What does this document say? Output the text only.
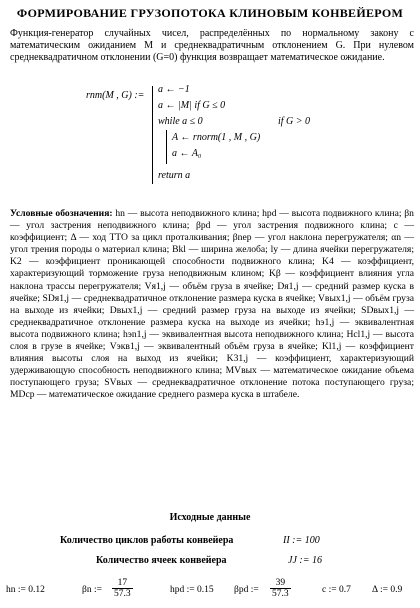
ФОРМИРОВАНИЕ ГРУЗОПОТОКА КЛИНОВЫМ КОНВЕЙЕРОМ
Функция-генератор случайных чисел, распределённых по нормальному закону с математическим ожиданием M и среднеквадратичным отклонением G. При нулевом среднеквадратичном отклонении (G=0) функция возвращает математическое ожидание.
rnm(M , G) :=
a ← −1
a ← |M| if G ≤ 0
while a ≤ 0	if G > 0
A ← rnorm(1 , M , G)
a ← A₀
return a
Условные обозначения: hn — высота неподвижного клина; hpd — высота подвижного клина; βn — угол застрения неподвижного клина; βpd — угол застрения подвижного клина; c — коэффициент; Δ — ход ТТО за цикл проталкивания; βnep — угол наклона перегружателя; αn — угол трения породы о материал клина; Bkl — ширина желоба; ly — длина ячейки перегружателя; K2 — коэффициент проникающей способности подвижного клина; K4 — коэффициент, характеризующий торможение груза неподвижным клином; Kβ — коэффициент влияния угла наклона трассы перегружателя; Vя1,j — объём груза в ячейке; Dя1,j — средний размер куска в ячейке; SDя1,j — среднеквадратичное отклонение размера куска в ячейке; Vвых1,j — объём груза на выходе из ячейки; Dвых1,j — средний размер груза на выходе из ячейки; SDвых1,j — среднеквадратичное отклонение размера куска на выходе из ячейки; hэ1,j — эквивалентная высота подвижного клина; hэn1,j — эквивалентная высота неподвижного клина; Hcl1,j — высота слоя в грузе в ячейке; Vэкв1,j — эквивалентный объём груза в ячейке; Kl1,j — коэффициент влияния высоты слоя на выход из ячейки; K31,j — коэффициент, характеризующий удерживающую способность неподвижного клина; MVвых — математическое ожидание объема поступающего груза; SVвых — среднеквадратичное отклонение потока поступающего груза; MDcp — математическое ожидание среднего размера куска в штабеле.
Исходные данные
Количество циклов работы конвейера	II := 100
Количество ячеек конвейера	JJ := 16
hn := 0.12	βn := $\frac{17}{57.3}$	hpd := 0.15 βpd := $\frac{39}{57.3}$	c := 0.7 Δ := 0.9
